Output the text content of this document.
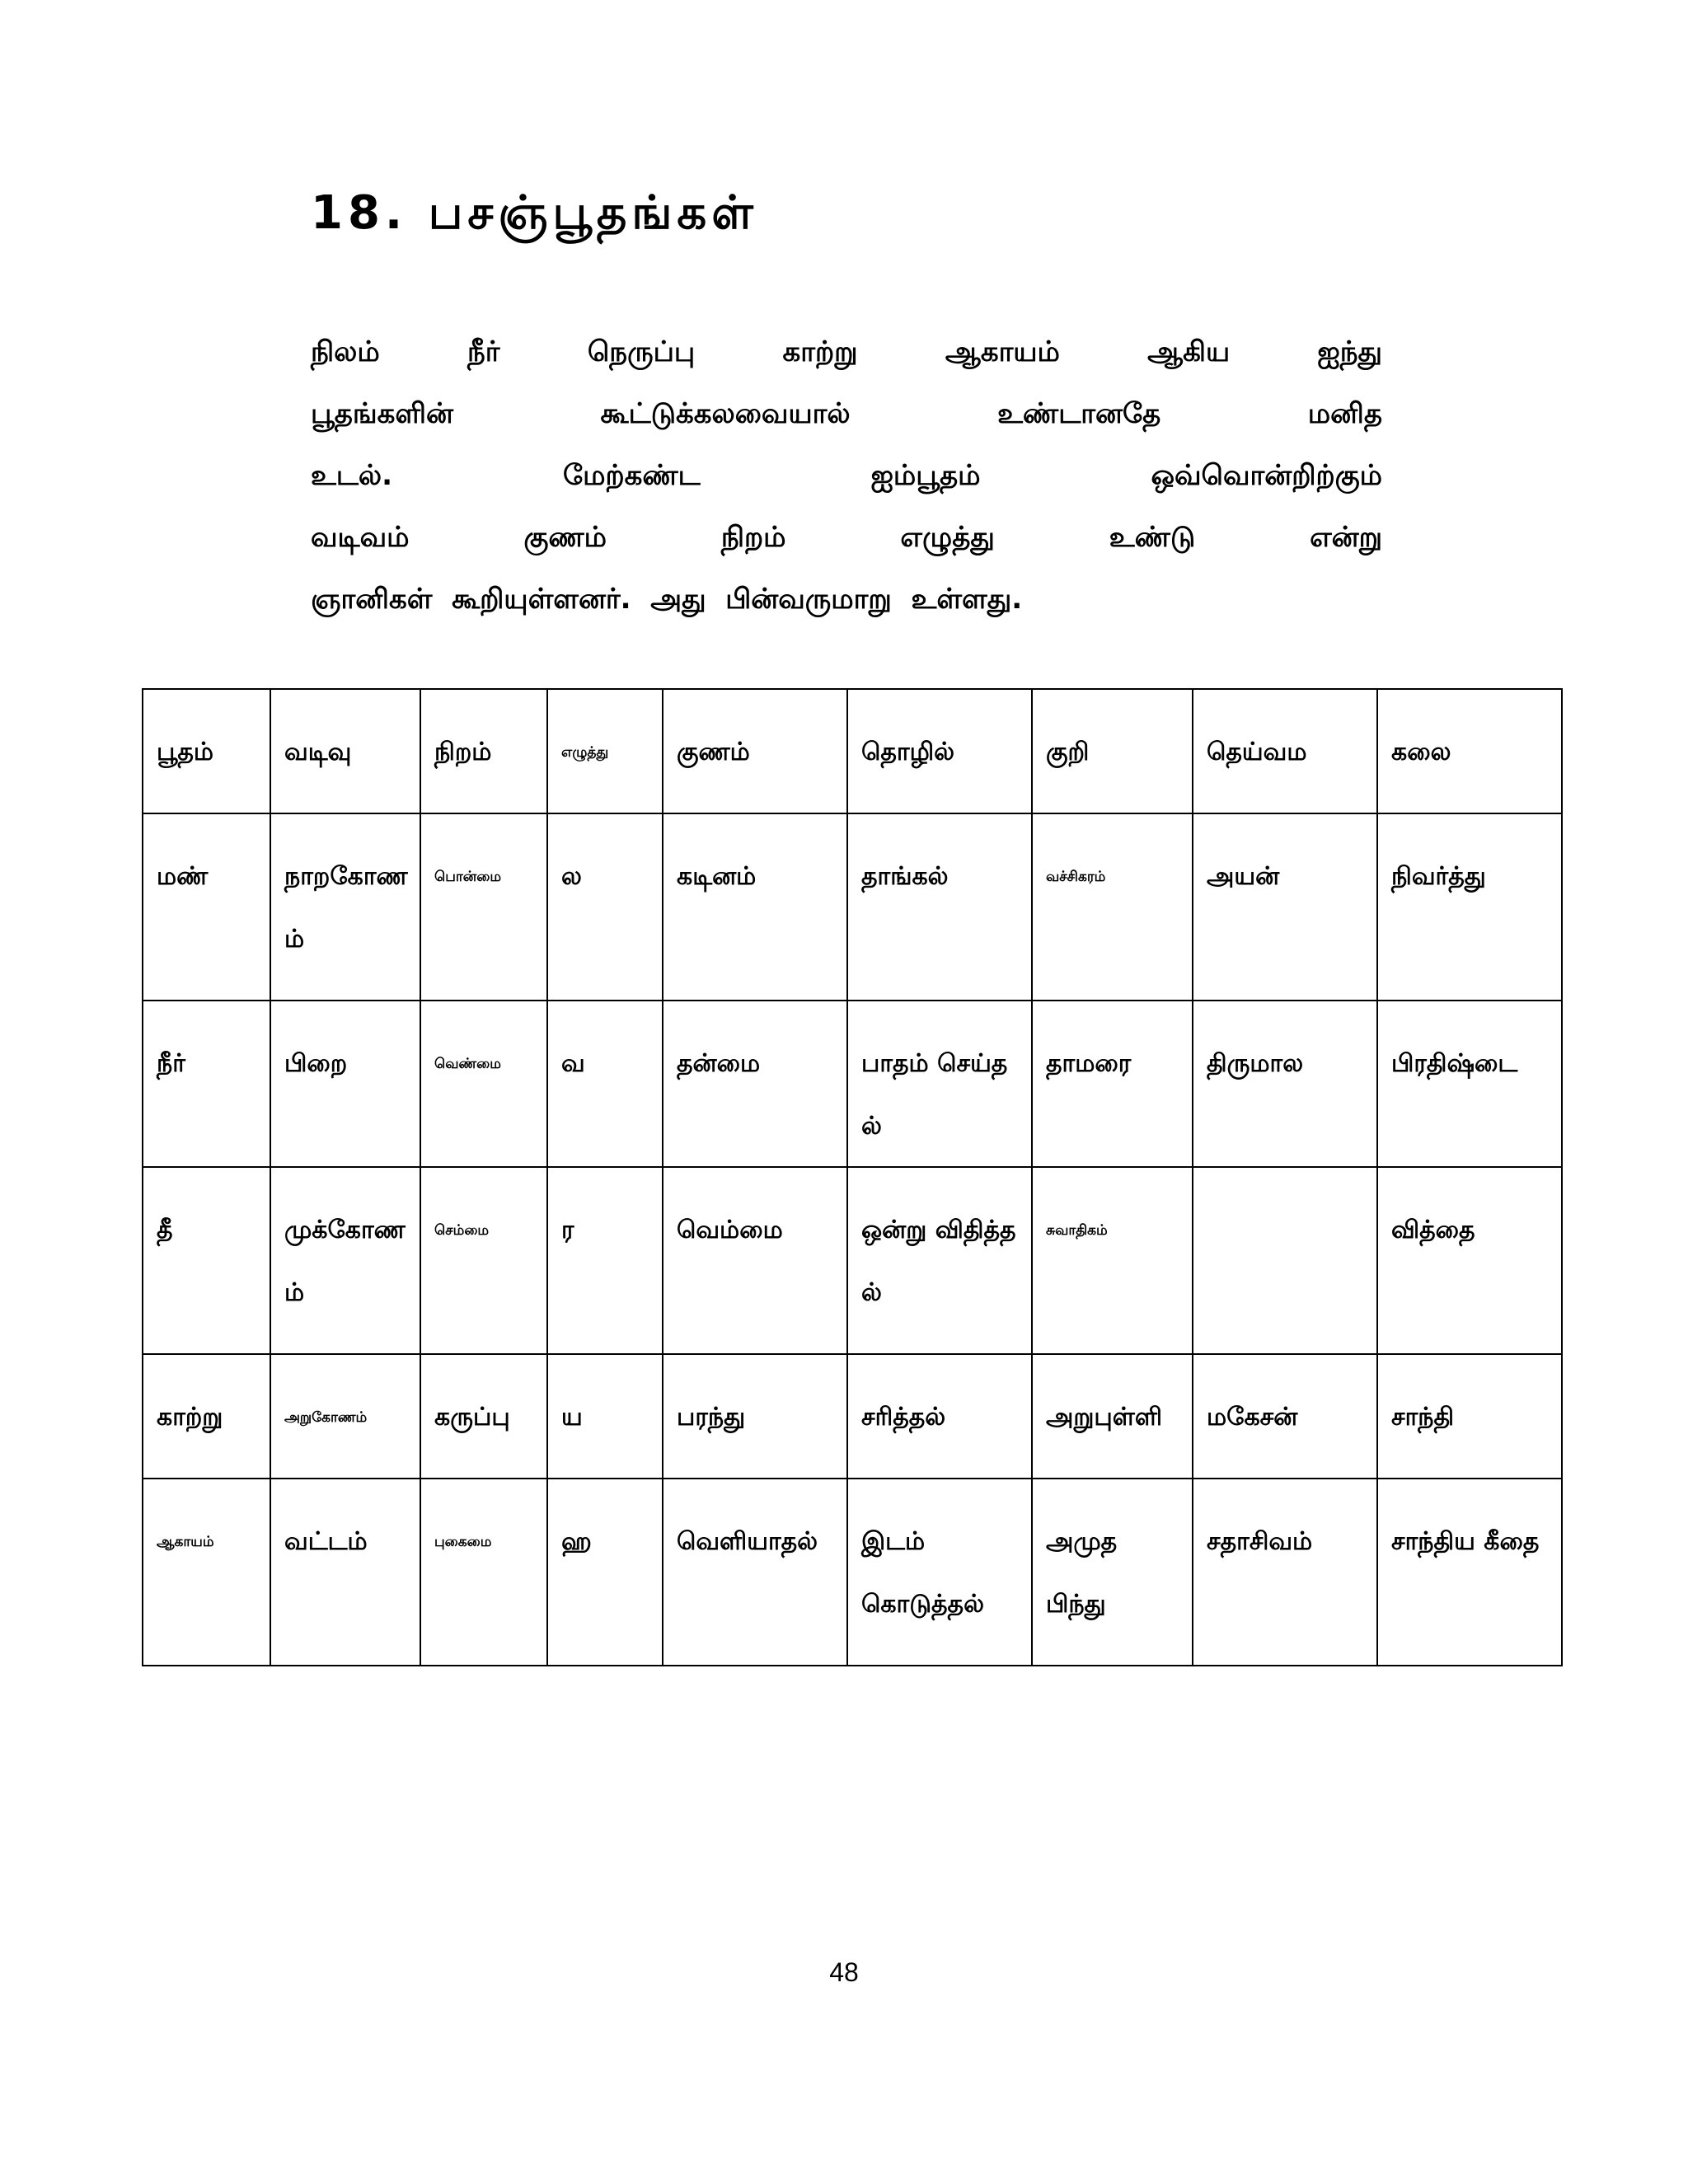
18. பசஞ்பூதங்கள்
நிலம்	நீர்	நெருப்பு	காற்று	ஆகாயம்	ஆகிய	ஐந்து
பூதங்களின்	கூட்டுக்கலவையால்	உண்டானதே	மனித
உடல்.	மேற்கண்ட	ஐம்பூதம்	ஒவ்வொன்றிற்கும்
வடிவம்	குணம்	நிறம்	எழுத்து	உண்டு	என்று
ஞானிகள்
கூறியுள்ளனர்.
அது
பின்வருமாறு
உள்ளது.
பூதம்	வடிவு	நிறம்	எழுத்து	குணம்	தொழில்	குறி	தெய்வம	கலை
மண்	நாறகோணம்	பொன்மை	ல	கடினம்	தாங்கல்	வச்சிகரம்	அயன்	நிவர்த்து
நீர்	பிறை	வெண்மை	வ	தன்மை	பாதம் செய்தல்	தாமரை	திருமால	பிரதிஷ்டை
தீ	முக்கோணம்	செம்மை	ர	வெம்மை	ஒன்று விதித்தல்	சுவாதிகம்		வித்தை
காற்று	அறுகோணம்	கருப்பு	ய	பரந்து	சரித்தல்	அறுபுள்ளி	மகேசன்	சாந்தி
ஆகாயம்	வட்டம்	புகைமை	ஹ	வெளியாதல்	இடம் கொடுத்தல்	அமுத பிந்து	சதாசிவம்	சாந்திய கீதை
48
